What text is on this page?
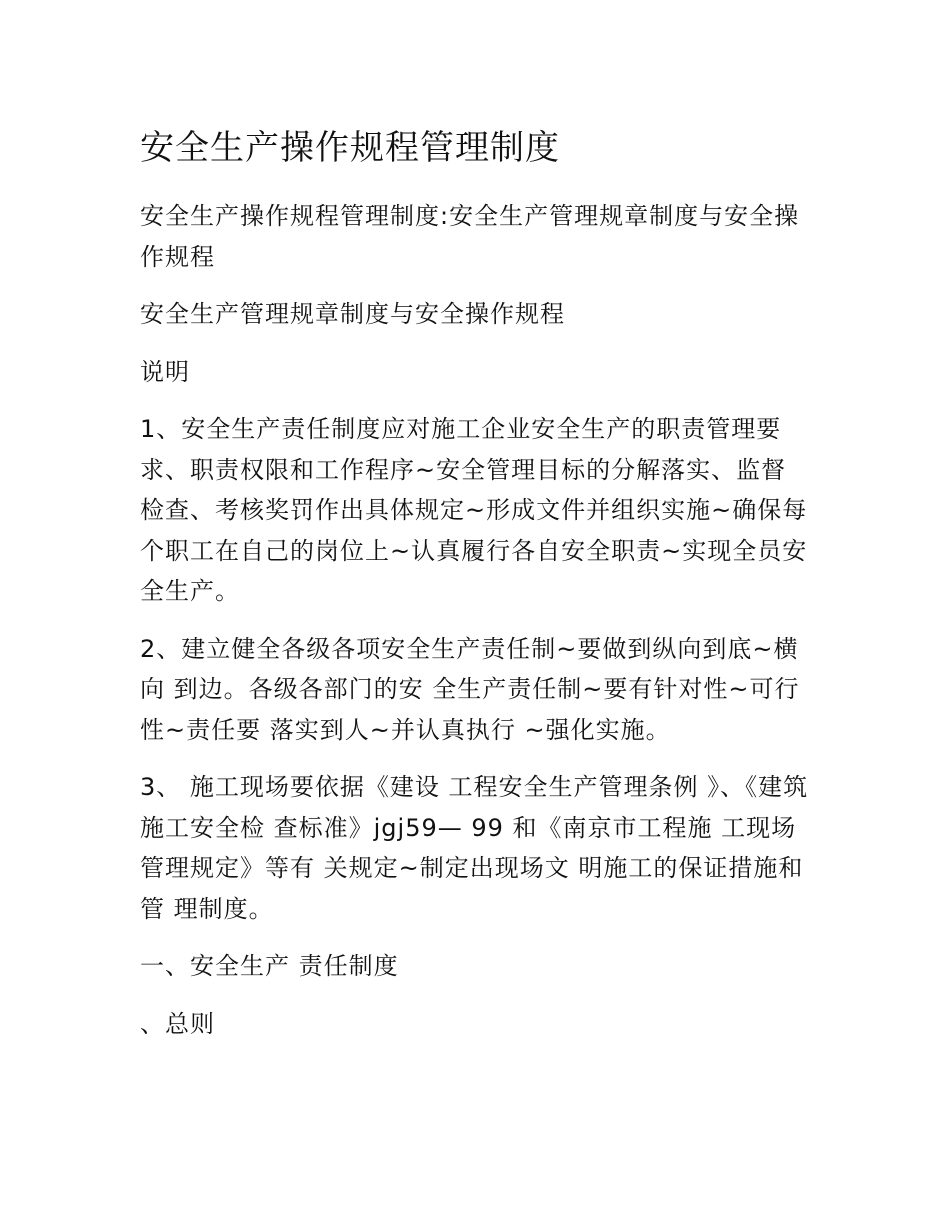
安全生产操作规程管理制度

安全生产操作规程管理制度:安全生产管理规章制度与安全操作规程

安全生产管理规章制度与安全操作规程

说明

1、安全生产责任制度应对施工企业安全生产的职责管理要求、职责权限和工作程序~安全管理目标的分解落实、监督检查、考核奖罚作出具体规定~形成文件并组织实施~确保每个职工在自己的岗位上~认真履行各自安全职责~实现全员安全生产。

2、建立健全各级各项安全生产责任制~要做到纵向到底~横向 到边。各级各部门的安 全生产责任制~要有针对性~可行性~责任要 落实到人~并认真执行 ~强化实施。

3、 施工现场要依据《建设 工程安全生产管理条例 》、《建筑施工安全检 查标准》jgj59— 99 和《南京市工程施 工现场管理规定》等有 关规定~制定出现场文 明施工的保证措施和管 理制度。

一、安全生产 责任制度

、总则
